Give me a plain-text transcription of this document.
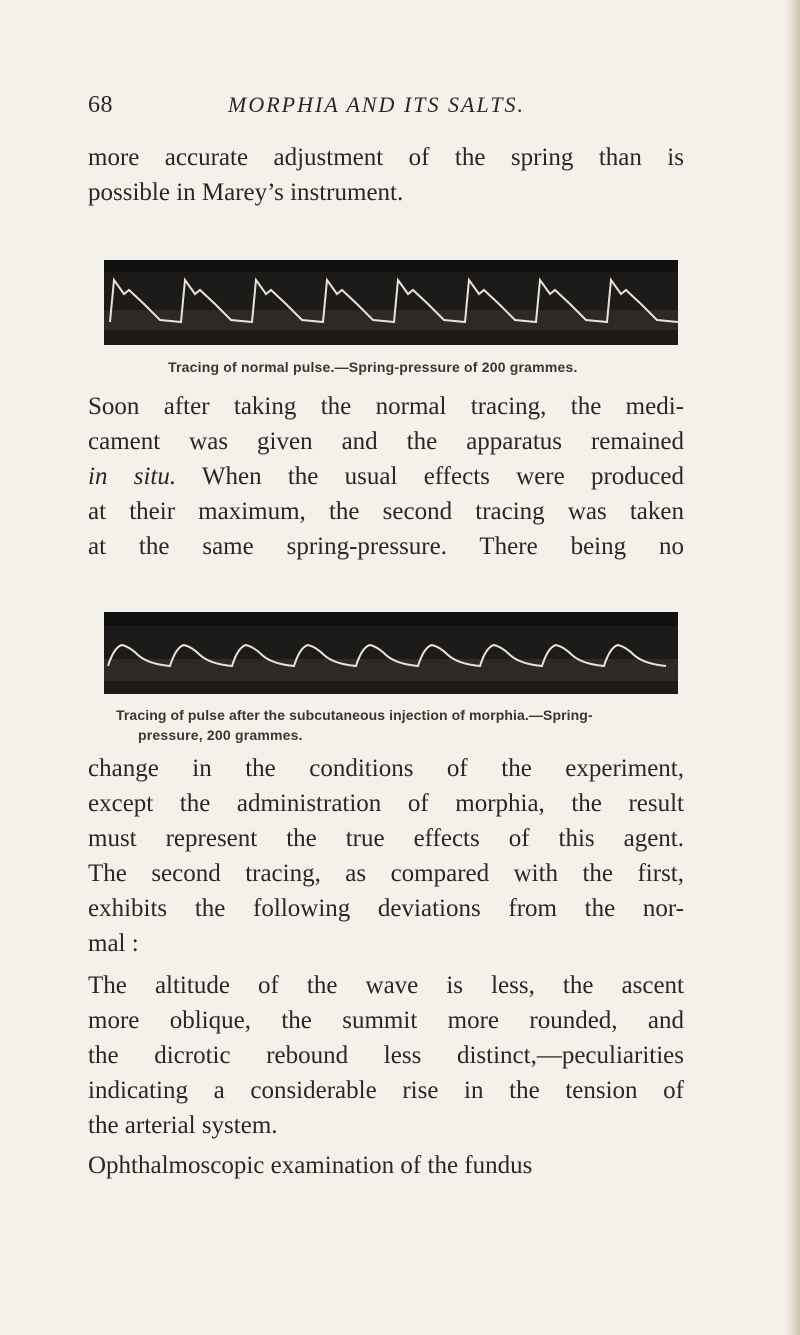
68	MORPHIA AND ITS SALTS.

more accurate adjustment of the spring than is
possible in Marey’s instrument.

Tracing of normal pulse.—Spring-pressure of 200 grammes.

Soon after taking the normal tracing, the medi-
cament was given and the apparatus remained
in situ. When the usual effects were produced
at their maximum, the second tracing was taken
at the same spring-pressure. There being no

Tracing of pulse after the subcutaneous injection of morphia.—Spring-
pressure, 200 grammes.

change in the conditions of the experiment,
except the administration of morphia, the result
must represent the true effects of this agent.
The second tracing, as compared with the first,
exhibits the following deviations from the nor-
mal :

The altitude of the wave is less, the ascent
more oblique, the summit more rounded, and
the dicrotic rebound less distinct,—peculiarities
indicating a considerable rise in the tension of
the arterial system.

Ophthalmoscopic examination of the fundus
